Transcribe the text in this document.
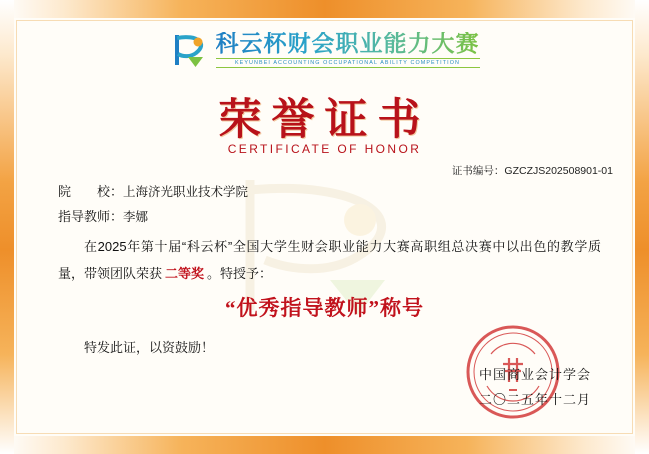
科云杯财会职业能力大赛
KEYUNBEI ACCOUNTING OCCUPATIONAL ABILITY COMPETITION
荣誉证书
CERTIFICATE OF HONOR
证书编号：GZCZJS202508901-01
院　　校：上海济光职业技术学院
指导教师：李娜
在2025年第十届“科云杯”全国大学生财会职业能力大赛高职组总决赛中以出色的教学质量，带领团队荣获 二等奖 。特授予：
“优秀指导教师”称号
特发此证，以资鼓励！
中国商业会计学会
二〇二五年十二月
